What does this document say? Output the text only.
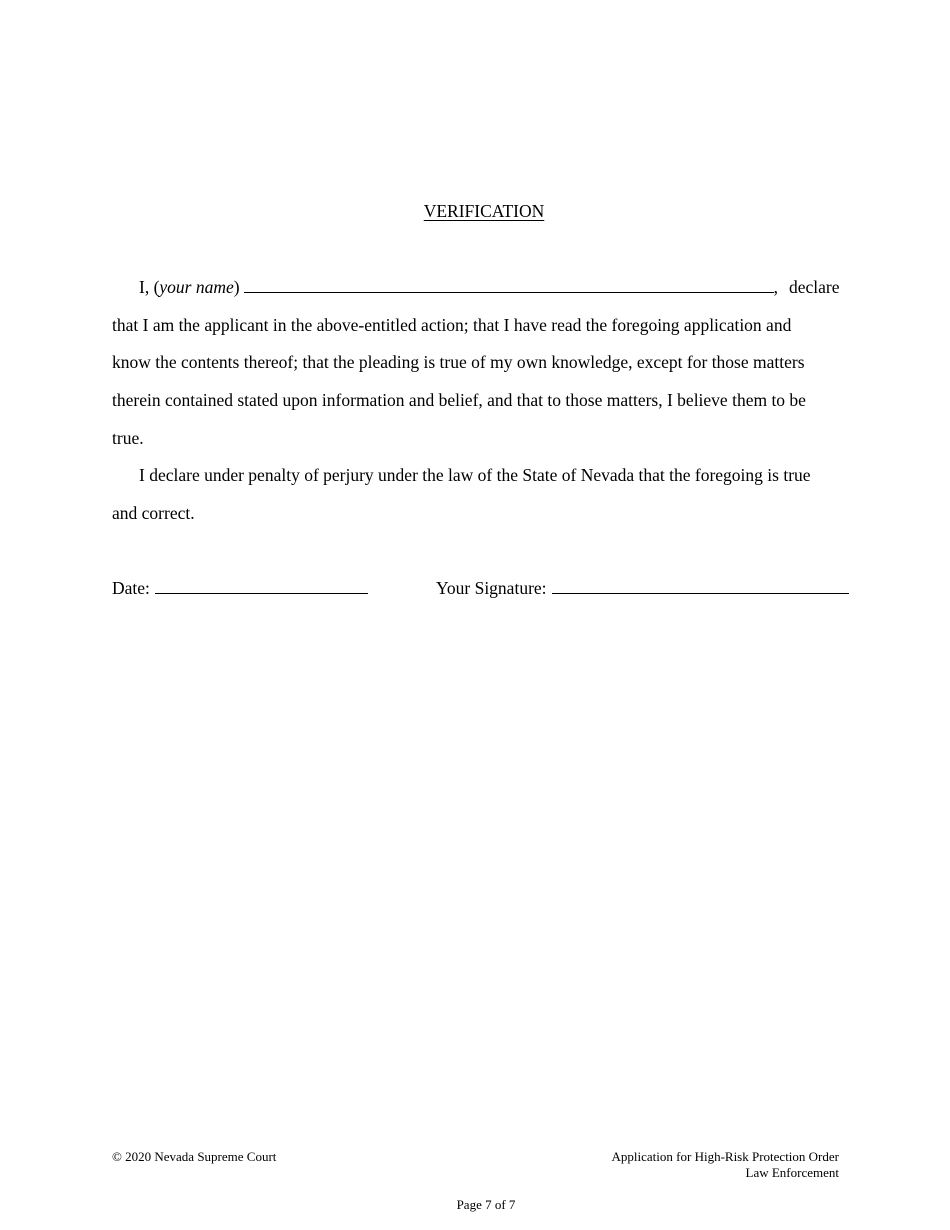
VERIFICATION
I, (your name)	, declare
that I am the applicant in the above-entitled action; that I have read the foregoing application and
know the contents thereof; that the pleading is true of my own knowledge, except for those matters
therein contained stated upon information and belief, and that to those matters, I believe them to be
true.
I declare under penalty of perjury under the law of the State of Nevada that the foregoing is true
and correct.
Date:	Your Signature:
© 2020 Nevada Supreme Court	Application for High-Risk Protection Order
Law Enforcement
Page 7 of 7
